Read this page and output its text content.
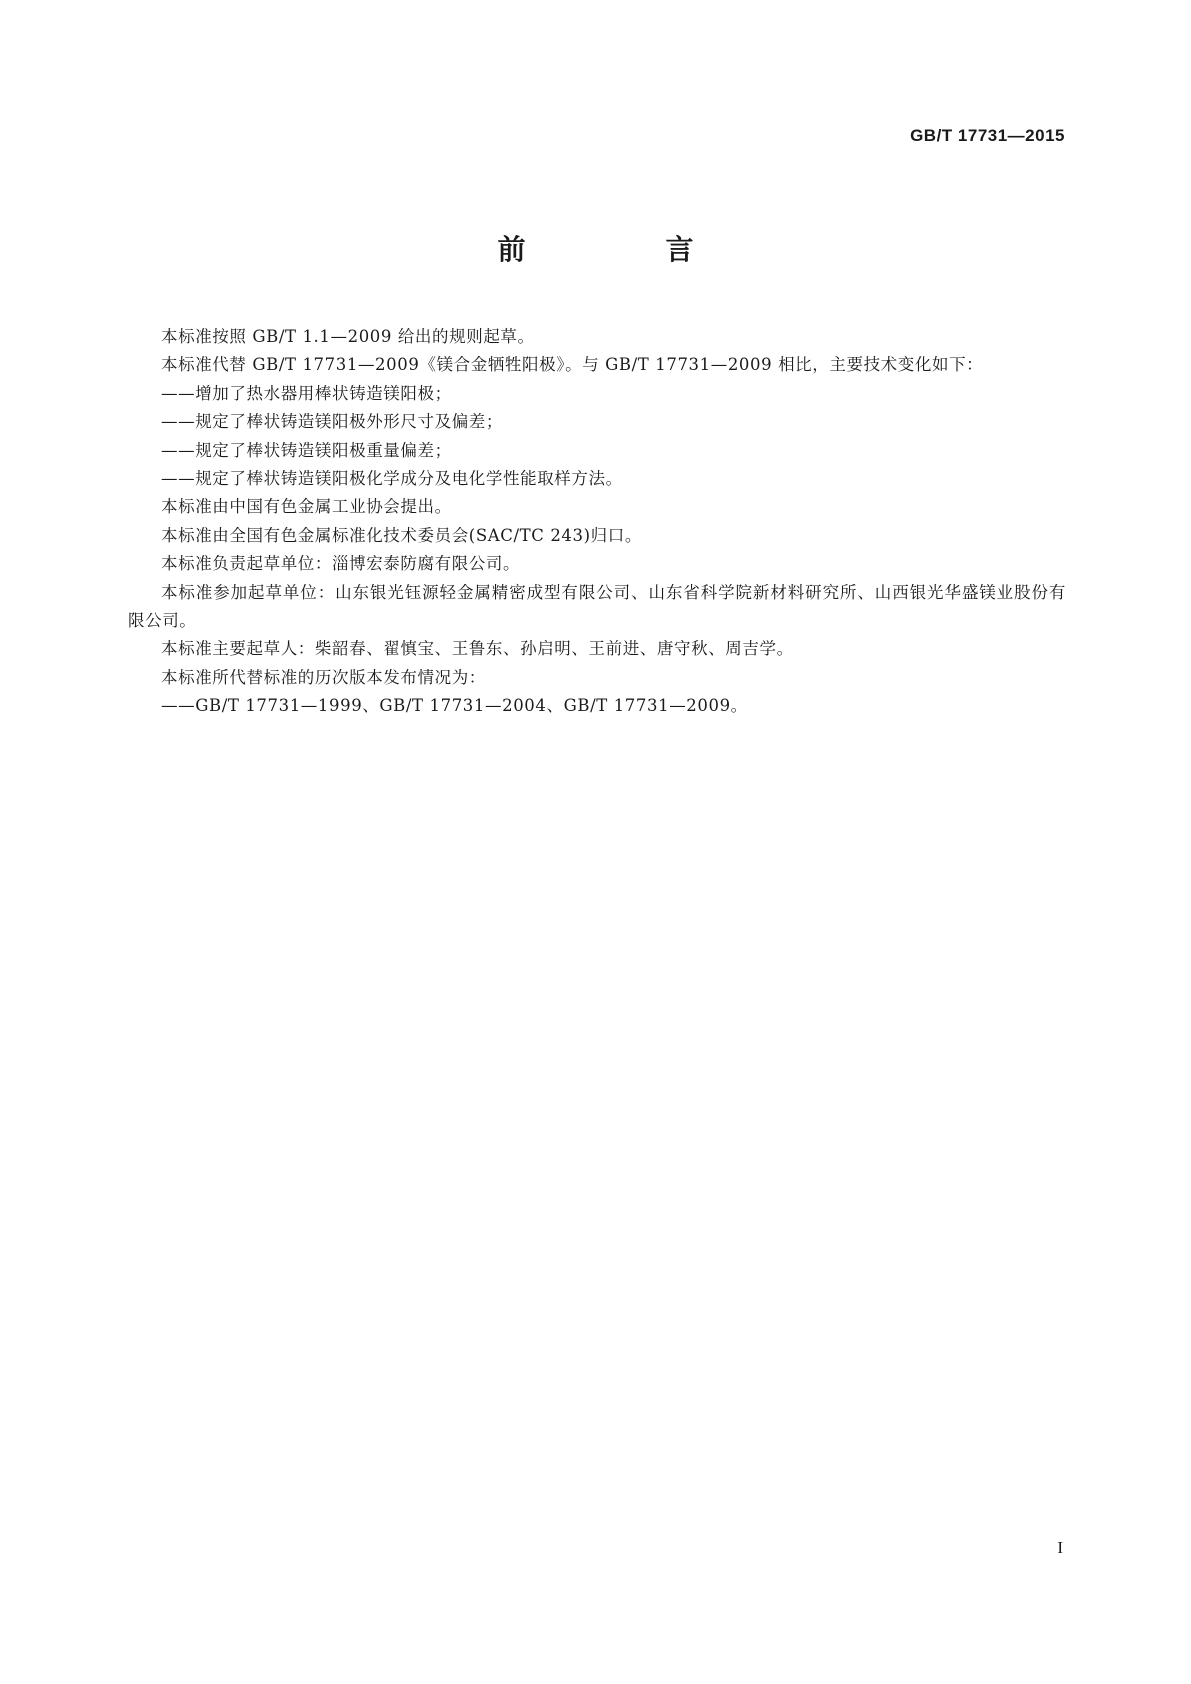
GB/T 17731—2015
前　言

本标准按照 GB/T 1.1—2009 给出的规则起草。

本标准代替 GB/T 17731—2009《镁合金牺牲阳极》。与 GB/T 17731—2009 相比，主要技术变化如下：

——增加了热水器用棒状铸造镁阳极；

——规定了棒状铸造镁阳极外形尺寸及偏差；

——规定了棒状铸造镁阳极重量偏差；

——规定了棒状铸造镁阳极化学成分及电化学性能取样方法。

本标准由中国有色金属工业协会提出。

本标准由全国有色金属标准化技术委员会(SAC/TC 243)归口。

本标准负责起草单位：淄博宏泰防腐有限公司。

本标准参加起草单位：山东银光钰源轻金属精密成型有限公司、山东省科学院新材料研究所、山西银光华盛镁业股份有限公司。

本标准主要起草人：柴韶春、翟慎宝、王鲁东、孙启明、王前进、唐守秋、周吉学。

本标准所代替标准的历次版本发布情况为：

——GB/T 17731—1999、GB/T 17731—2004、GB/T 17731—2009。

I
